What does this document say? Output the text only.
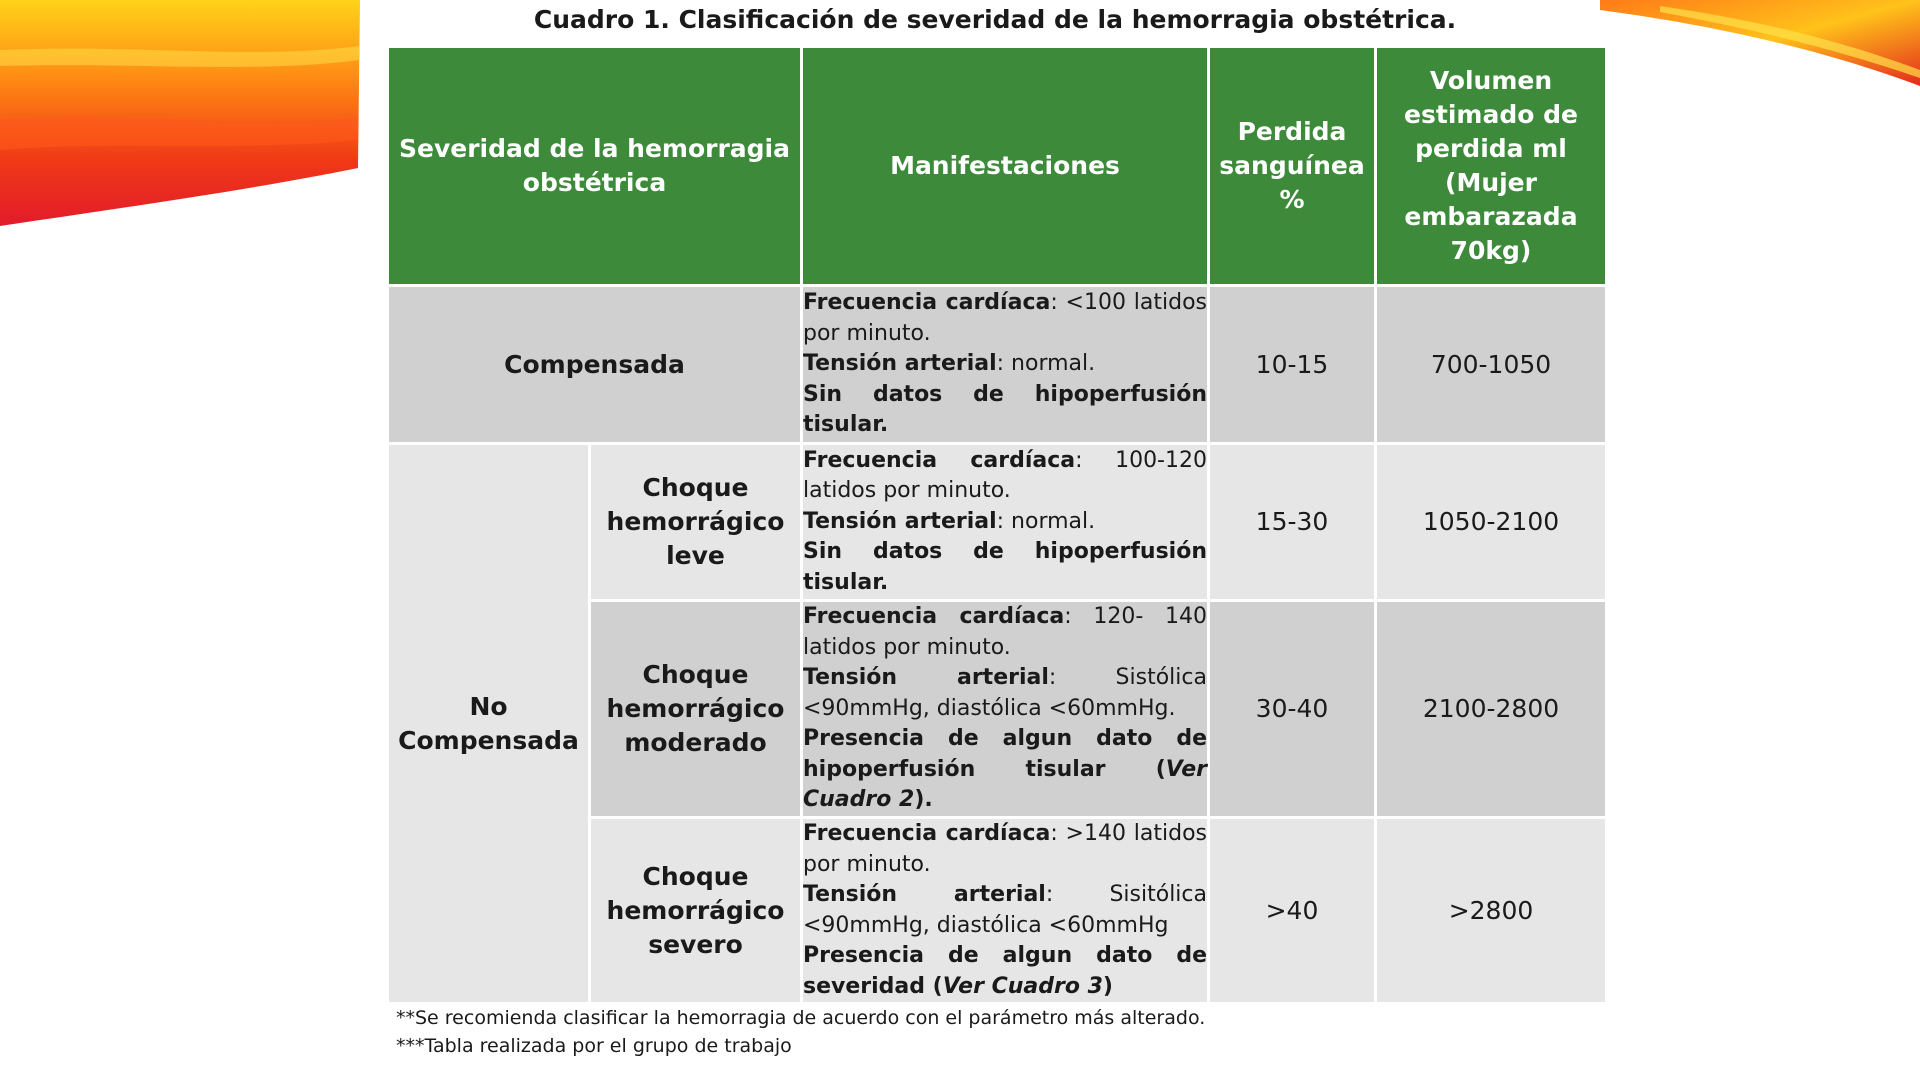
Cuadro 1. Clasificación de severidad de la hemorragia obstétrica.
Severidad de la hemorragia obstétrica		Manifestaciones	Perdida sanguínea %	Volumen estimado de perdida ml (Mujer embarazada 70kg)
Compensada		Frecuencia cardíaca: <100 latidos por minuto.

Tensión arterial: normal.

Sin datos de hipoperfusión tisular.	10-15	700-1050
No Compensada	Choque hemorrágico leve	Frecuencia cardíaca: 100-120 latidos por minuto.

Tensión arterial: normal.

Sin datos de hipoperfusión tisular.	15-30	1050-2100
	Choque hemorrágico moderado	Frecuencia cardíaca: 120- 140 latidos por minuto.

Tensión arterial: Sistólica <90mmHg, diastólica <60mmHg.

Presencia de algun dato de hipoperfusión tisular (Ver Cuadro 2).	30-40	2100-2800
	Choque hemorrágico severo	Frecuencia cardíaca: >140 latidos por minuto.

Tensión arterial: Sisitólica <90mmHg, diastólica <60mmHg

Presencia de algun dato de severidad (Ver Cuadro 3)	>40	>2800
**Se recomienda clasificar la hemorragia de acuerdo con el parámetro más alterado.
***Tabla realizada por el grupo de trabajo
